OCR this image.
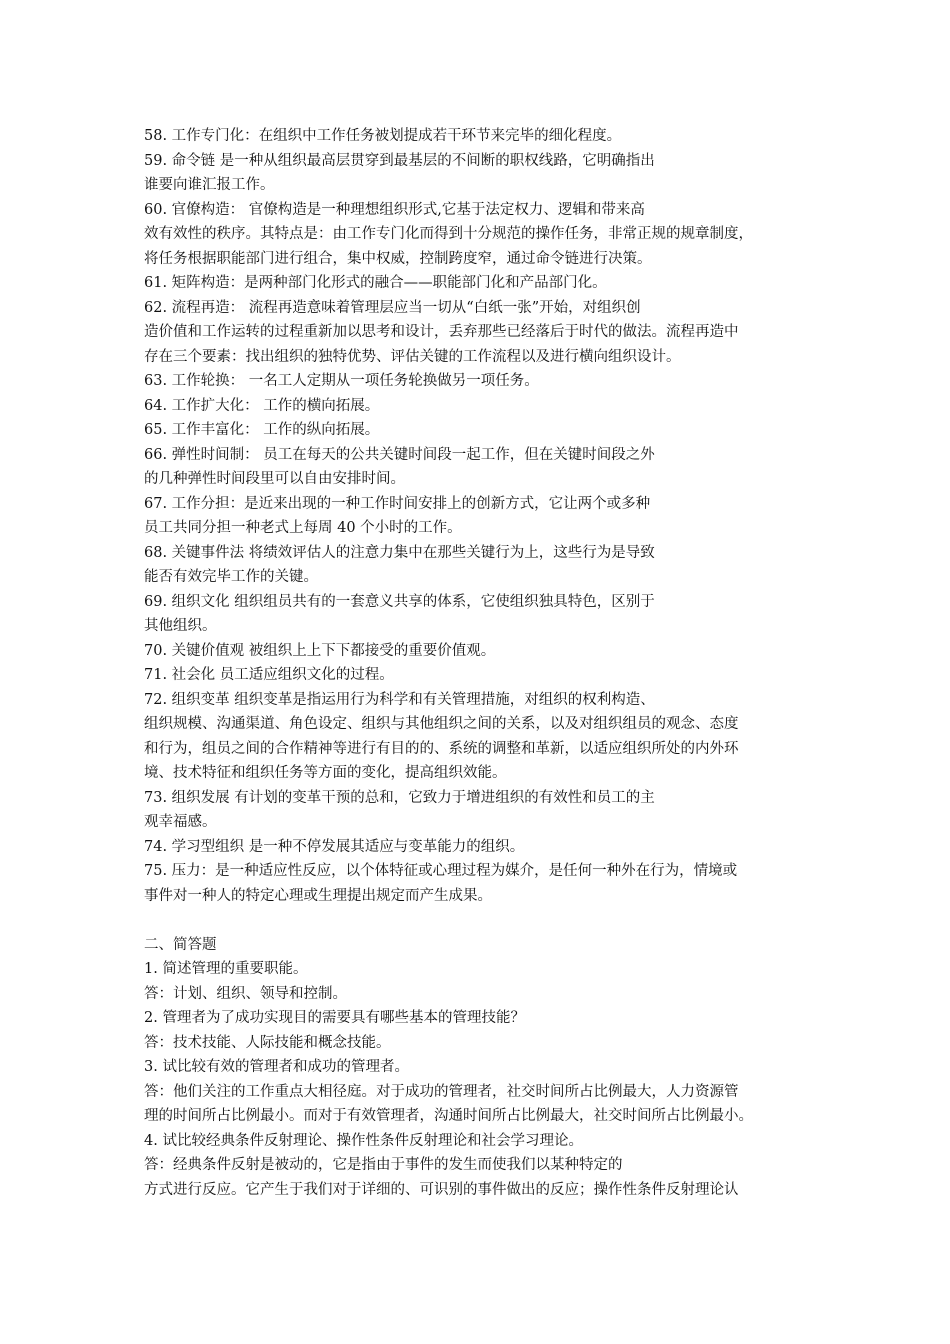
58. 工作专门化：在组织中工作任务被划提成若干环节来完毕的细化程度。
59. 命令链 是一种从组织最高层贯穿到最基层的不间断的职权线路，它明确指出
谁要向谁汇报工作。
60. 官僚构造： 官僚构造是一种理想组织形式,它基于法定权力、逻辑和带来高
效有效性的秩序。其特点是：由工作专门化而得到十分规范的操作任务，非常正规的规章制度，
将任务根据职能部门进行组合，集中权威，控制跨度窄，通过命令链进行决策。
61. 矩阵构造：是两种部门化形式的融合——职能部门化和产品部门化。
62. 流程再造： 流程再造意味着管理层应当一切从“白纸一张”开始，对组织创
造价值和工作运转的过程重新加以思考和设计，丢弃那些已经落后于时代的做法。流程再造中
存在三个要素：找出组织的独特优势、评估关键的工作流程以及进行横向组织设计。
63. 工作轮换： 一名工人定期从一项任务轮换做另一项任务。
64. 工作扩大化： 工作的横向拓展。
65. 工作丰富化： 工作的纵向拓展。
66. 弹性时间制： 员工在每天的公共关键时间段一起工作，但在关键时间段之外
的几种弹性时间段里可以自由安排时间。
67. 工作分担：是近来出现的一种工作时间安排上的创新方式，它让两个或多种
员工共同分担一种老式上每周 40 个小时的工作。
68. 关键事件法 将绩效评估人的注意力集中在那些关键行为上，这些行为是导致
能否有效完毕工作的关键。
69. 组织文化 组织组员共有的一套意义共享的体系，它使组织独具特色，区别于
其他组织。
70. 关键价值观 被组织上上下下都接受的重要价值观。
71. 社会化 员工适应组织文化的过程。
72. 组织变革 组织变革是指运用行为科学和有关管理措施，对组织的权利构造、
组织规模、沟通渠道、角色设定、组织与其他组织之间的关系，以及对组织组员的观念、态度
和行为，组员之间的合作精神等进行有目的的、系统的调整和革新，以适应组织所处的内外环
境、技术特征和组织任务等方面的变化，提高组织效能。
73. 组织发展 有计划的变革干预的总和，它致力于增进组织的有效性和员工的主
观幸福感。
74. 学习型组织 是一种不停发展其适应与变革能力的组织。
75. 压力：是一种适应性反应，以个体特征或心理过程为媒介，是任何一种外在行为，情境或
事件对一种人的特定心理或生理提出规定而产生成果。
二、简答题
1. 简述管理的重要职能。
答：计划、组织、领导和控制。
2. 管理者为了成功实现目的需要具有哪些基本的管理技能？
答：技术技能、人际技能和概念技能。
3. 试比较有效的管理者和成功的管理者。
答：他们关注的工作重点大相径庭。对于成功的管理者，社交时间所占比例最大，人力资源管
理的时间所占比例最小。而对于有效管理者，沟通时间所占比例最大，社交时间所占比例最小。
4. 试比较经典条件反射理论、操作性条件反射理论和社会学习理论。
答：经典条件反射是被动的，它是指由于事件的发生而使我们以某种特定的
方式进行反应。它产生于我们对于详细的、可识别的事件做出的反应；操作性条件反射理论认
